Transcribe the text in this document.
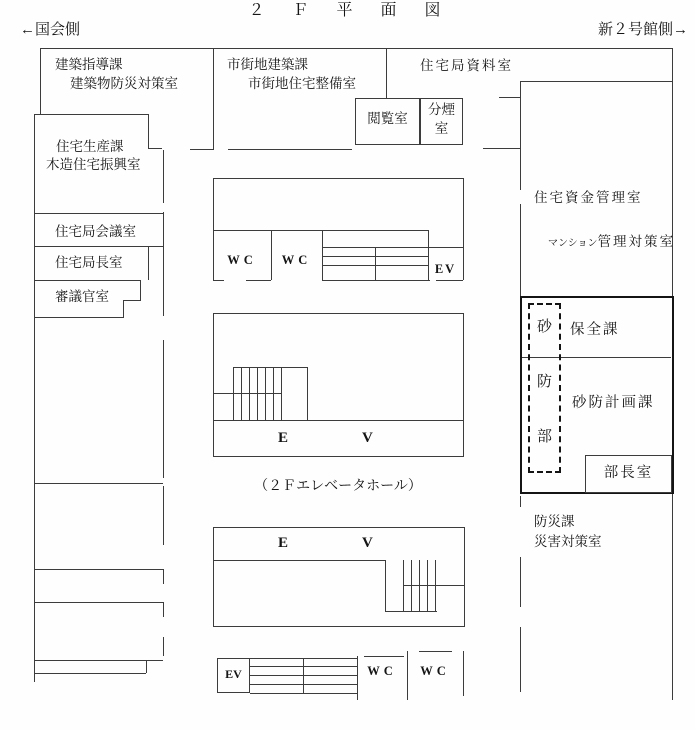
２　Ｆ　平　面　図
←国会側	新２号館側→
建築指導課
建築物防災対策室
市街地建築課
市街地住宅整備室
住宅局資料室
閲覧室
分煙
室
住宅生産課
木造住宅振興室
住宅局会議室
住宅局長室
審議官室
WC	WC
EV
E	V
（２Ｆエレベータホール）
E	V
EV	WC	WC
住宅資金管理室

マンション管理対策室

砂
防
部
保全課
砂防計画課
部長室
防災課
災害対策室
